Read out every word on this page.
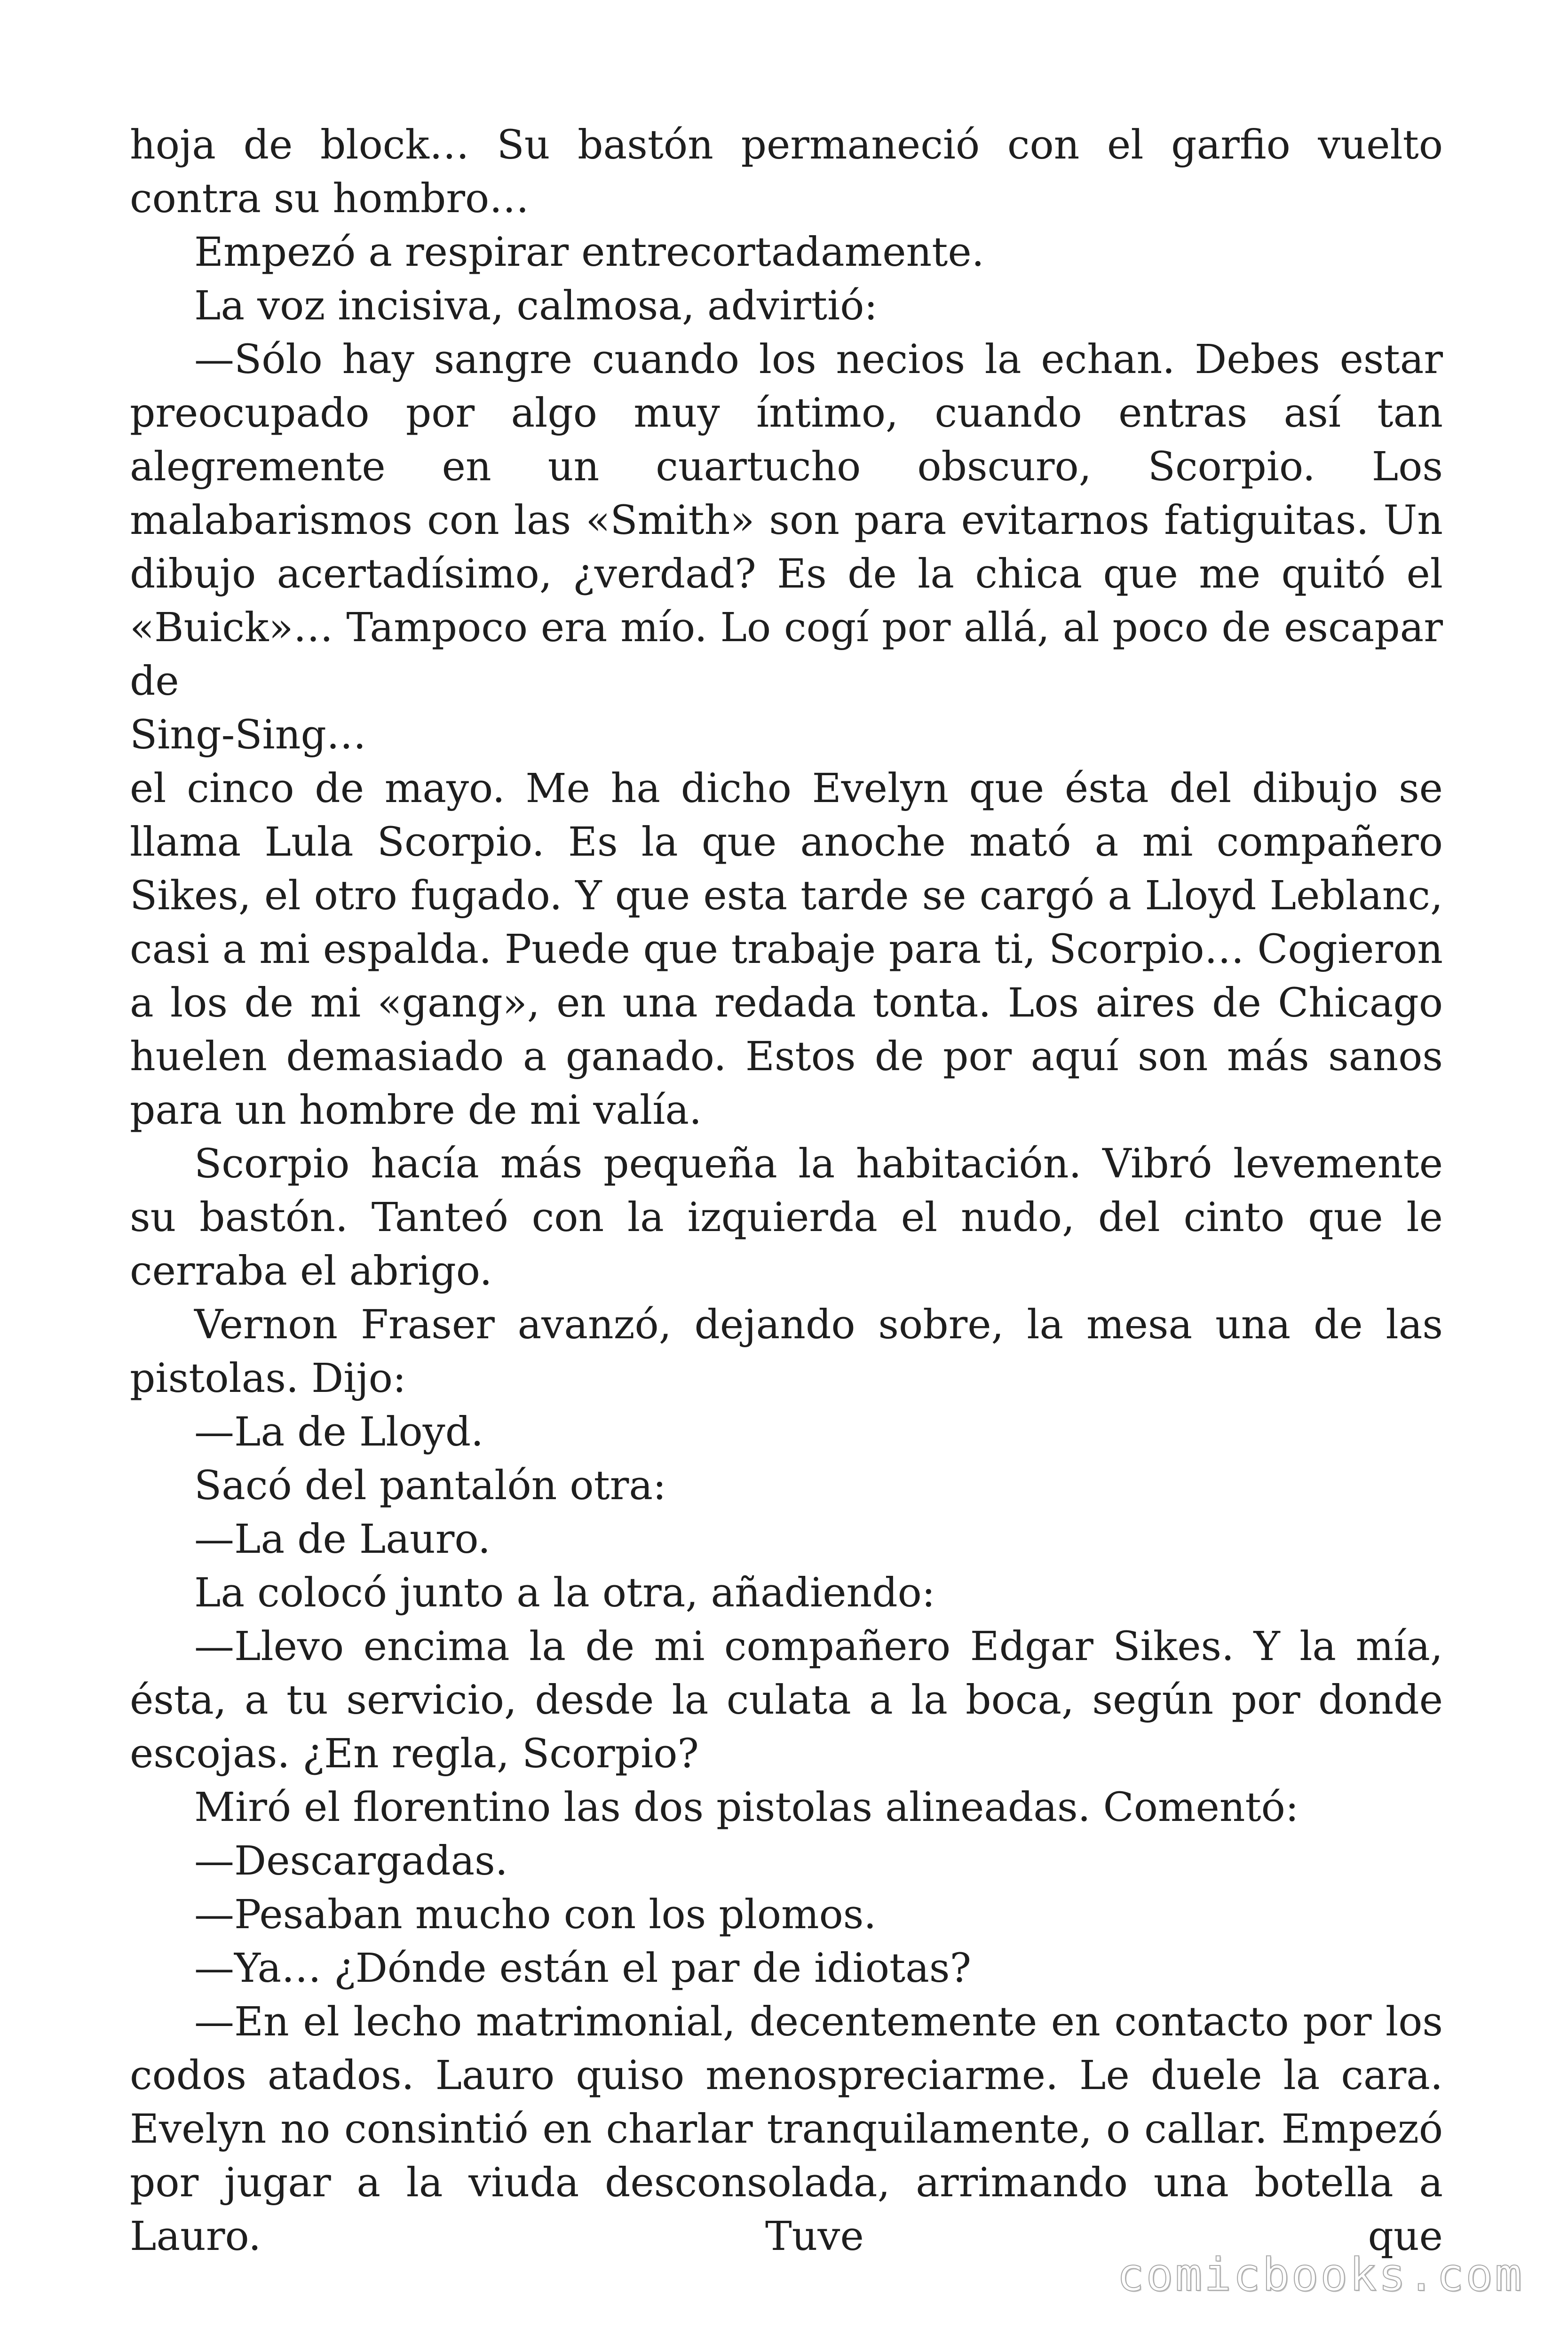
hoja de block… Su bastón permaneció con el garfio vuelto contra su hombro…

Empezó a respirar entrecortadamente.

La voz incisiva, calmosa, advirtió:

—Sólo hay sangre cuando los necios la echan. Debes estar preocupado por algo muy íntimo, cuando entras así tan alegremente en un cuartucho obscuro, Scorpio. Los malabarismos con las «Smith» son para evitarnos fatiguitas. Un dibujo acertadísimo, ¿verdad? Es de la chica que me quitó el «Buick»… Tampoco era mío. Lo cogí por allá, al poco de escapar de

Sing-Sing…

el cinco de mayo. Me ha dicho Evelyn que ésta del dibujo se llama Lula Scorpio. Es la que anoche mató a mi compañero Sikes, el otro fugado. Y que esta tarde se cargó a Lloyd Leblanc, casi a mi espalda. Puede que trabaje para ti, Scorpio… Cogieron a los de mi «gang», en una redada tonta. Los aires de Chicago huelen demasiado a ganado. Estos de por aquí son más sanos para un hombre de mi valía.

Scorpio hacía más pequeña la habitación. Vibró levemente su bastón. Tanteó con la izquierda el nudo, del cinto que le cerraba el abrigo.

Vernon Fraser avanzó, dejando sobre, la mesa una de las pistolas. Dijo:

—La de Lloyd.

Sacó del pantalón otra:

—La de Lauro.

La colocó junto a la otra, añadiendo:

—Llevo encima la de mi compañero Edgar Sikes. Y la mía, ésta, a tu servicio, desde la culata a la boca, según por donde escojas. ¿En regla, Scorpio?

Miró el florentino las dos pistolas alineadas. Comentó:

—Descargadas.

—Pesaban mucho con los plomos.

—Ya… ¿Dónde están el par de idiotas?

—En el lecho matrimonial, decentemente en contacto por los codos atados. Lauro quiso menospreciarme. Le duele la cara. Evelyn no consintió en charlar tranquilamente, o callar. Empezó por jugar a la viuda desconsolada, arrimando una botella a Lauro. Tuve que

comicbooks.com
